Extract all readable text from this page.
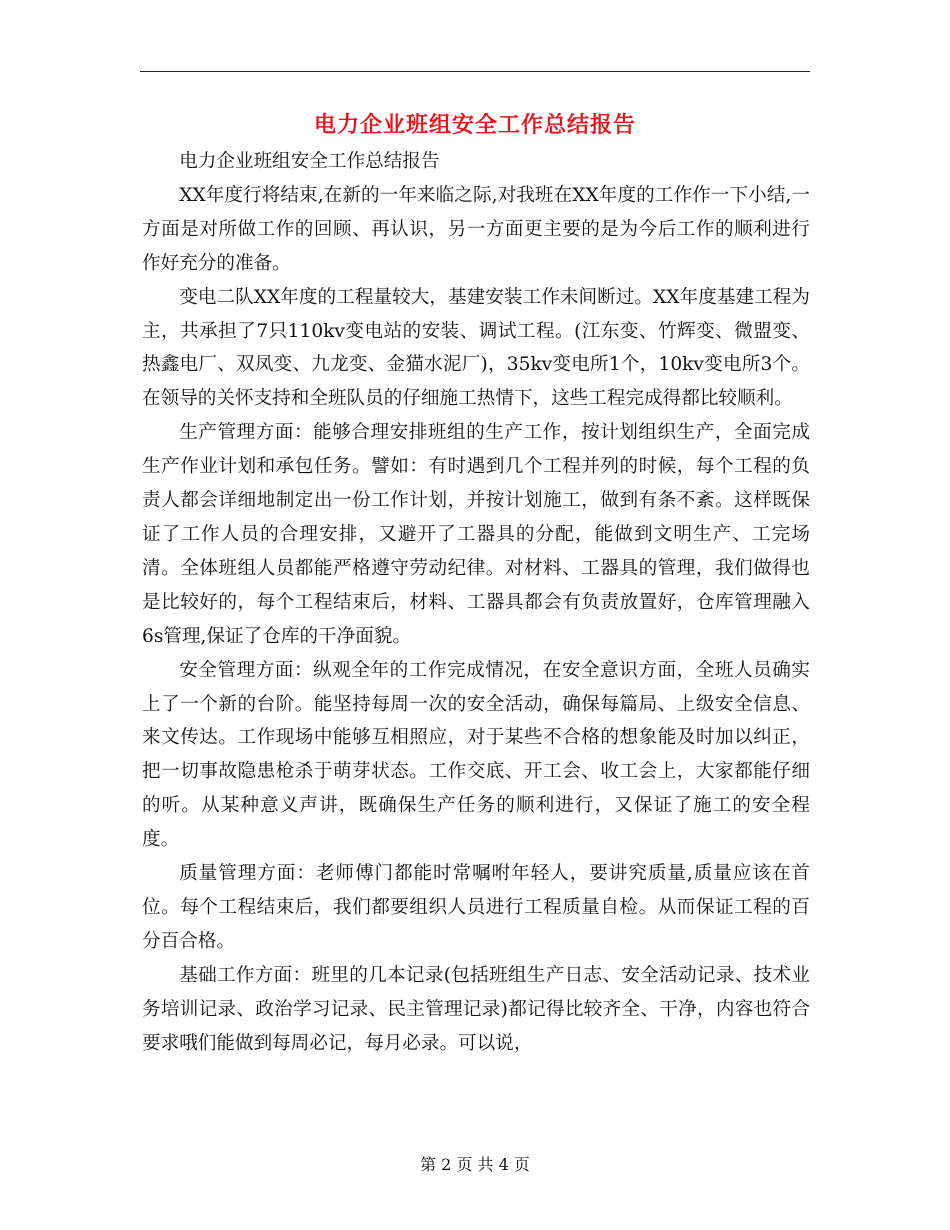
电力企业班组安全工作总结报告

电力企业班组安全工作总结报告

XX年度行将结束,在新的一年来临之际,对我班在XX年度的工作作一下小结,一方面是对所做工作的回顾、再认识，另一方面更主要的是为今后工作的顺利进行作好充分的准备。

变电二队XX年度的工程量较大，基建安装工作未间断过。XX年度基建工程为主，共承担了7只110kv变电站的安装、调试工程。(江东变、竹辉变、微盟变、热鑫电厂、双凤变、九龙变、金猫水泥厂)，35kv变电所1个，10kv变电所3个。在领导的关怀支持和全班队员的仔细施工热情下，这些工程完成得都比较顺利。

生产管理方面：能够合理安排班组的生产工作，按计划组织生产，全面完成生产作业计划和承包任务。譬如：有时遇到几个工程并列的时候，每个工程的负责人都会详细地制定出一份工作计划，并按计划施工，做到有条不紊。这样既保证了工作人员的合理安排，又避开了工器具的分配，能做到文明生产、工完场清。全体班组人员都能严格遵守劳动纪律。对材料、工器具的管理，我们做得也是比较好的，每个工程结束后，材料、工器具都会有负责放置好，仓库管理融入6s管理,保证了仓库的干净面貌。

安全管理方面：纵观全年的工作完成情况，在安全意识方面，全班人员确实上了一个新的台阶。能坚持每周一次的安全活动，确保每篇局、上级安全信息、来文传达。工作现场中能够互相照应，对于某些不合格的想象能及时加以纠正，把一切事故隐患枪杀于萌芽状态。工作交底、开工会、收工会上，大家都能仔细的听。从某种意义声讲，既确保生产任务的顺利进行，又保证了施工的安全程度。

质量管理方面：老师傅门都能时常嘱咐年轻人，要讲究质量,质量应该在首位。每个工程结束后，我们都要组织人员进行工程质量自检。从而保证工程的百分百合格。

基础工作方面：班里的几本记录(包括班组生产日志、安全活动记录、技术业务培训记录、政治学习记录、民主管理记录)都记得比较齐全、干净，内容也符合要求哦们能做到每周必记，每月必录。可以说，

第 2 页 共 4 页
